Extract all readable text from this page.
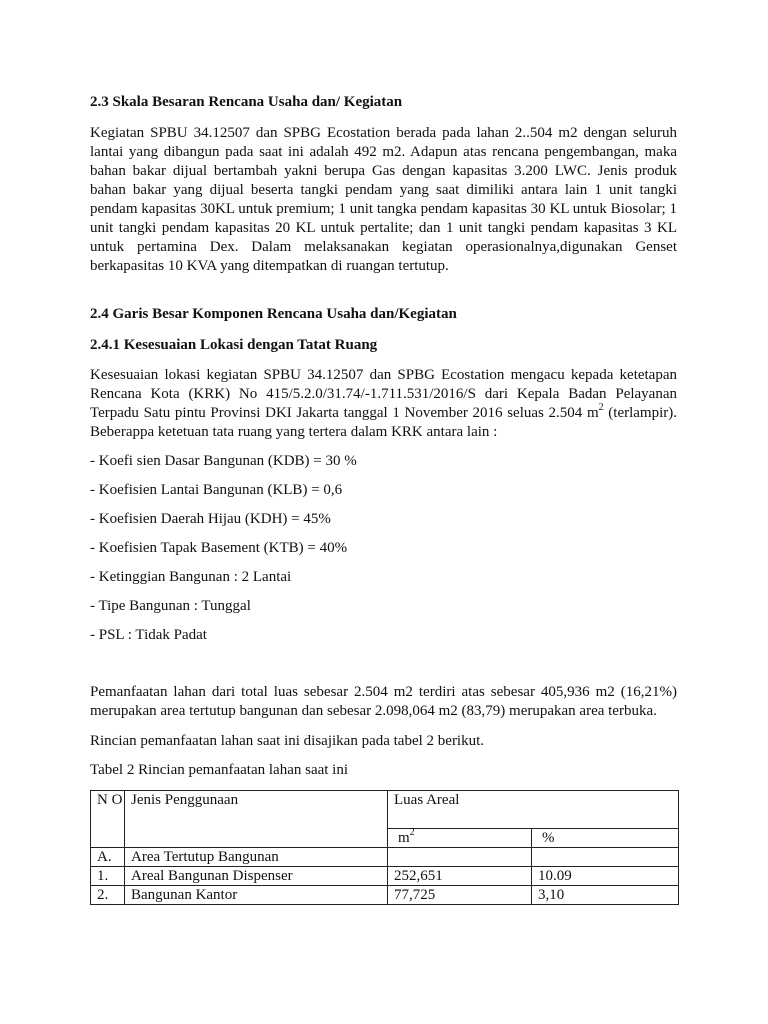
2.3 Skala Besaran Rencana Usaha dan/ Kegiatan

Kegiatan SPBU 34.12507 dan SPBG Ecostation berada pada lahan 2..504 m2 dengan seluruh lantai yang dibangun pada saat ini adalah 492 m2. Adapun atas rencana pengembangan, maka bahan bakar dijual bertambah yakni berupa Gas dengan kapasitas 3.200 LWC. Jenis produk bahan bakar yang dijual beserta tangki pendam yang saat dimiliki antara lain 1 unit tangki pendam kapasitas 30KL untuk premium; 1 unit tangka pendam kapasitas 30 KL untuk Biosolar; 1 unit tangki pendam kapasitas 20 KL untuk pertalite; dan 1 unit tangki pendam kapasitas 3 KL untuk pertamina Dex. Dalam melaksanakan kegiatan operasionalnya,digunakan Genset berkapasitas 10 KVA yang ditempatkan di ruangan tertutup.

2.4 Garis Besar Komponen Rencana Usaha dan/Kegiatan
2.4.1 Kesesuaian Lokasi dengan Tatat Ruang

Kesesuaian lokasi kegiatan SPBU 34.12507 dan SPBG Ecostation mengacu kepada ketetapan Rencana Kota (KRK) No 415/5.2.0/31.74/-1.711.531/2016/S dari Kepala Badan Pelayanan Terpadu Satu pintu Provinsi DKI Jakarta tanggal 1 November 2016 seluas 2.504 $m^2$ (terlampir). Beberappa ketetuan tata ruang yang tertera dalam KRK antara lain :

- Koefi sien Dasar Bangunan (KDB) = 30 %

- Koefisien Lantai Bangunan (KLB) = 0,6

- Koefisien Daerah Hijau (KDH) = 45%

- Koefisien Tapak Basement (KTB) = 40%

- Ketinggian Bangunan : 2 Lantai

- Tipe Bangunan : Tunggal

- PSL : Tidak Padat

Pemanfaatan lahan dari total luas sebesar 2.504 m2 terdiri atas sebesar 405,936 m2 (16,21%) merupakan area tertutup bangunan dan sebesar 2.098,064 m2 (83,79) merupakan area terbuka.

Rincian pemanfaatan lahan saat ini disajikan pada tabel 2 berikut.

Tabel 2 Rincian pemanfaatan lahan saat ini

N O	Jenis Penggunaan	Luas Areal	
		$m^2$	%
A.	Area Tertutup Bangunan		
1.	Areal Bangunan Dispenser	252,651	10.09
2.	Bangunan Kantor	77,725	3,10
